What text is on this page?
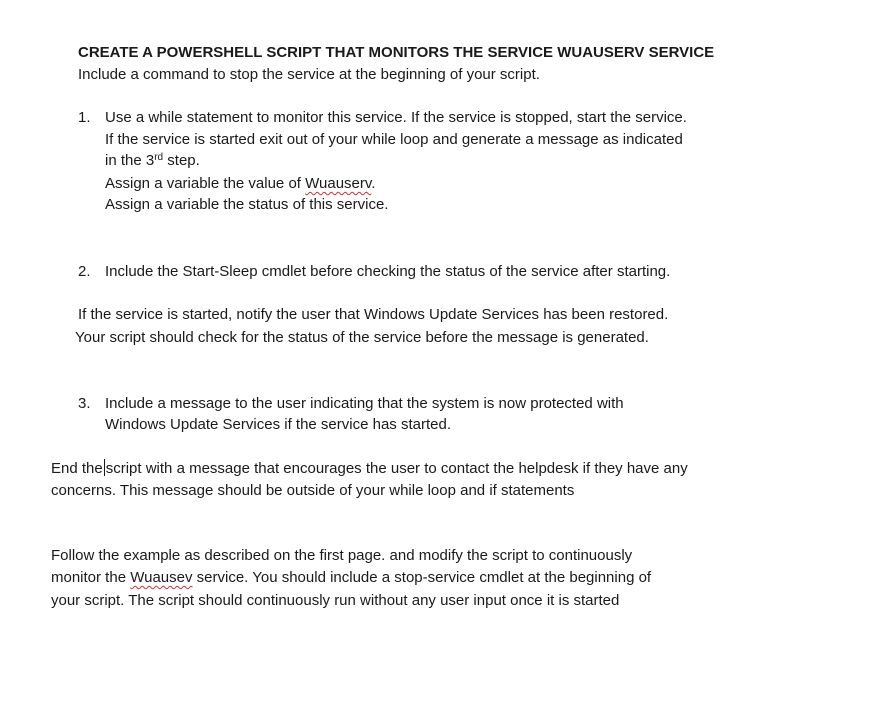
CREATE A POWERSHELL SCRIPT THAT MONITORS THE SERVICE WUAUSERV SERVICE
Include a command to stop the service at the beginning of your script.
1. Use a while statement to monitor this service. If the service is stopped, start the service.
If the service is started exit out of your while loop and generate a message as indicated
in the 3rd step.
Assign a variable the value of Wuauserv.
Assign a variable the status of this service.
2. Include the Start-Sleep cmdlet before checking the status of the service after starting.
If the service is started, notify the user that Windows Update Services has been restored.
Your script should check for the status of the service before the message is generated.
3. Include a message to the user indicating that the system is now protected with
Windows Update Services if the service has started.
End the script with a message that encourages the user to contact the helpdesk if they have any
concerns. This message should be outside of your while loop and if statements
Follow the example as described on the first page. and modify the script to continuously
monitor the Wuausev service. You should include a stop-service cmdlet at the beginning of
your script. The script should continuously run without any user input once it is started
